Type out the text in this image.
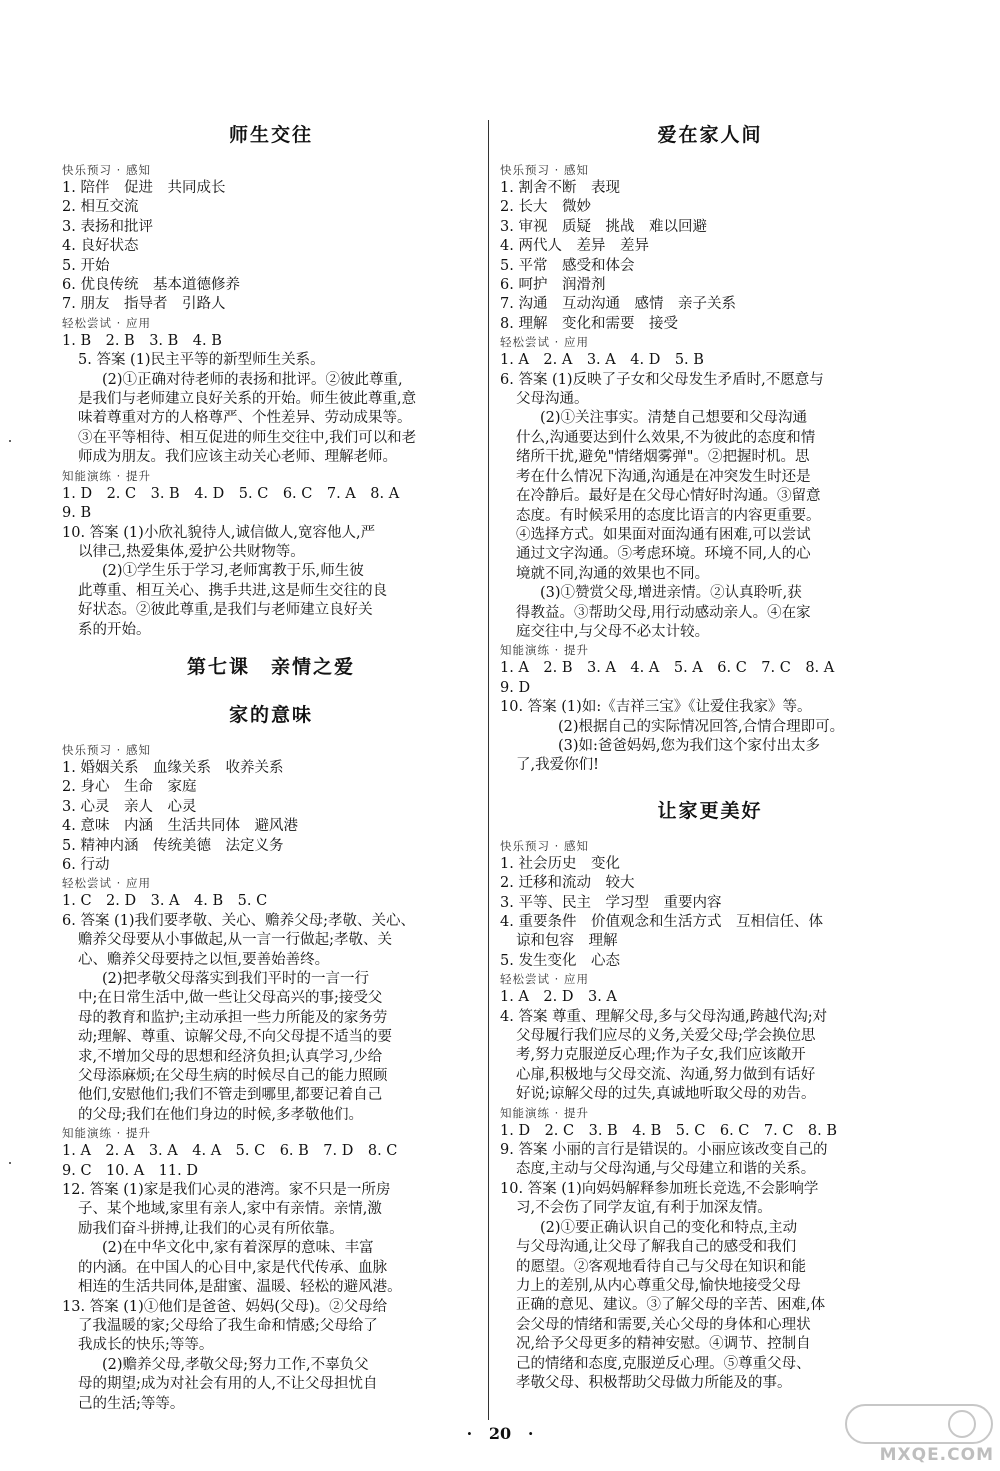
师生交往
快乐预习 · 感知
1. 陪伴　促进　共同成长
2. 相互交流
3. 表扬和批评
4. 良好状态
5. 开始
6. 优良传统　基本道德修养
7. 朋友　指导者　引路人
轻松尝试 · 应用
1. B　2. B　3. B　4. B
5. 答案 (1)民主平等的新型师生关系。
(2)①正确对待老师的表扬和批评。②彼此尊重,
是我们与老师建立良好关系的开始。师生彼此尊重,意
味着尊重对方的人格尊严、个性差异、劳动成果等。
③在平等相待、相互促进的师生交往中,我们可以和老
师成为朋友。我们应该主动关心老师、理解老师。
知能演练 · 提升
1. D　2. C　3. B　4. D　5. C　6. C　7. A　8. A
9. B
10. 答案 (1)小欣礼貌待人,诚信做人,宽容他人,严
以律己,热爱集体,爱护公共财物等。
(2)①学生乐于学习,老师寓教于乐,师生彼
此尊重、相互关心、携手共进,这是师生交往的良
好状态。②彼此尊重,是我们与老师建立良好关
系的开始。
第七课　亲情之爱
家的意味
快乐预习 · 感知
1. 婚姻关系　血缘关系　收养关系
2. 身心　生命　家庭
3. 心灵　亲人　心灵
4. 意味　内涵　生活共同体　避风港
5. 精神内涵　传统美德　法定义务
6. 行动
轻松尝试 · 应用
1. C　2. D　3. A　4. B　5. C
6. 答案 (1)我们要孝敬、关心、赡养父母;孝敬、关心、
赡养父母要从小事做起,从一言一行做起;孝敬、关
心、赡养父母要持之以恒,要善始善终。
(2)把孝敬父母落实到我们平时的一言一行
中;在日常生活中,做一些让父母高兴的事;接受父
母的教育和监护;主动承担一些力所能及的家务劳
动;理解、尊重、谅解父母,不向父母提不适当的要
求,不增加父母的思想和经济负担;认真学习,少给
父母添麻烦;在父母生病的时候尽自己的能力照顾
他们,安慰他们;我们不管走到哪里,都要记着自己
的父母;我们在他们身边的时候,多孝敬他们。
知能演练 · 提升
1. A　2. A　3. A　4. A　5. C　6. B　7. D　8. C
9. C　10. A　11. D
12. 答案 (1)家是我们心灵的港湾。家不只是一所房
子、某个地域,家里有亲人,家中有亲情。亲情,激
励我们奋斗拼搏,让我们的心灵有所依靠。
(2)在中华文化中,家有着深厚的意味、丰富
的内涵。在中国人的心目中,家是代代传承、血脉
相连的生活共同体,是甜蜜、温暖、轻松的避风港。
13. 答案 (1)①他们是爸爸、妈妈(父母)。②父母给
了我温暖的家;父母给了我生命和情感;父母给了
我成长的快乐;等等。
(2)赡养父母,孝敬父母;努力工作,不辜负父
母的期望;成为对社会有用的人,不让父母担忧自
己的生活;等等。
爱在家人间
快乐预习 · 感知
1. 割舍不断　表现
2. 长大　微妙
3. 审视　质疑　挑战　难以回避
4. 两代人　差异　差异
5. 平常　感受和体会
6. 呵护　润滑剂
7. 沟通　互动沟通　感情　亲子关系
8. 理解　变化和需要　接受
轻松尝试 · 应用
1. A　2. A　3. A　4. D　5. B
6. 答案 (1)反映了子女和父母发生矛盾时,不愿意与
父母沟通。
(2)①关注事实。清楚自己想要和父母沟通
什么,沟通要达到什么效果,不为彼此的态度和情
绪所干扰,避免"情绪烟雾弹"。②把握时机。思
考在什么情况下沟通,沟通是在冲突发生时还是
在冷静后。最好是在父母心情好时沟通。③留意
态度。有时候采用的态度比语言的内容更重要。
④选择方式。如果面对面沟通有困难,可以尝试
通过文字沟通。⑤考虑环境。环境不同,人的心
境就不同,沟通的效果也不同。
(3)①赞赏父母,增进亲情。②认真聆听,获
得教益。③帮助父母,用行动感动亲人。④在家
庭交往中,与父母不必太计较。
知能演练 · 提升
1. A　2. B　3. A　4. A　5. A　6. C　7. C　8. A
9. D
10. 答案 (1)如:《吉祥三宝》《让爱住我家》等。
(2)根据自己的实际情况回答,合情合理即可。
(3)如:爸爸妈妈,您为我们这个家付出太多
了,我爱你们!
让家更美好
快乐预习 · 感知
1. 社会历史　变化
2. 迁移和流动　较大
3. 平等、民主　学习型　重要内容
4. 重要条件　价值观念和生活方式　互相信任、体
谅和包容　理解
5. 发生变化　心态
轻松尝试 · 应用
1. A　2. D　3. A
4. 答案 尊重、理解父母,多与父母沟通,跨越代沟;对
父母履行我们应尽的义务,关爱父母;学会换位思
考,努力克服逆反心理;作为子女,我们应该敞开
心扉,积极地与父母交流、沟通,努力做到有话好
好说;谅解父母的过失,真诚地听取父母的劝告。
知能演练 · 提升
1. D　2. C　3. B　4. B　5. C　6. C　7. C　8. B
9. 答案 小丽的言行是错误的。小丽应该改变自己的
态度,主动与父母沟通,与父母建立和谐的关系。
10. 答案 (1)向妈妈解释参加班长竞选,不会影响学
习,不会伤了同学友谊,有利于加深友情。
(2)①要正确认识自己的变化和特点,主动
与父母沟通,让父母了解我自己的感受和我们
的愿望。②客观地看待自己与父母在知识和能
力上的差别,从内心尊重父母,愉快地接受父母
正确的意见、建议。③了解父母的辛苦、困难,体
会父母的情绪和需要,关心父母的身体和心理状
况,给予父母更多的精神安慰。④调节、控制自
己的情绪和态度,克服逆反心理。⑤尊重父母、
孝敬父母、积极帮助父母做力所能及的事。
·   20   ·
MXQE.COM
